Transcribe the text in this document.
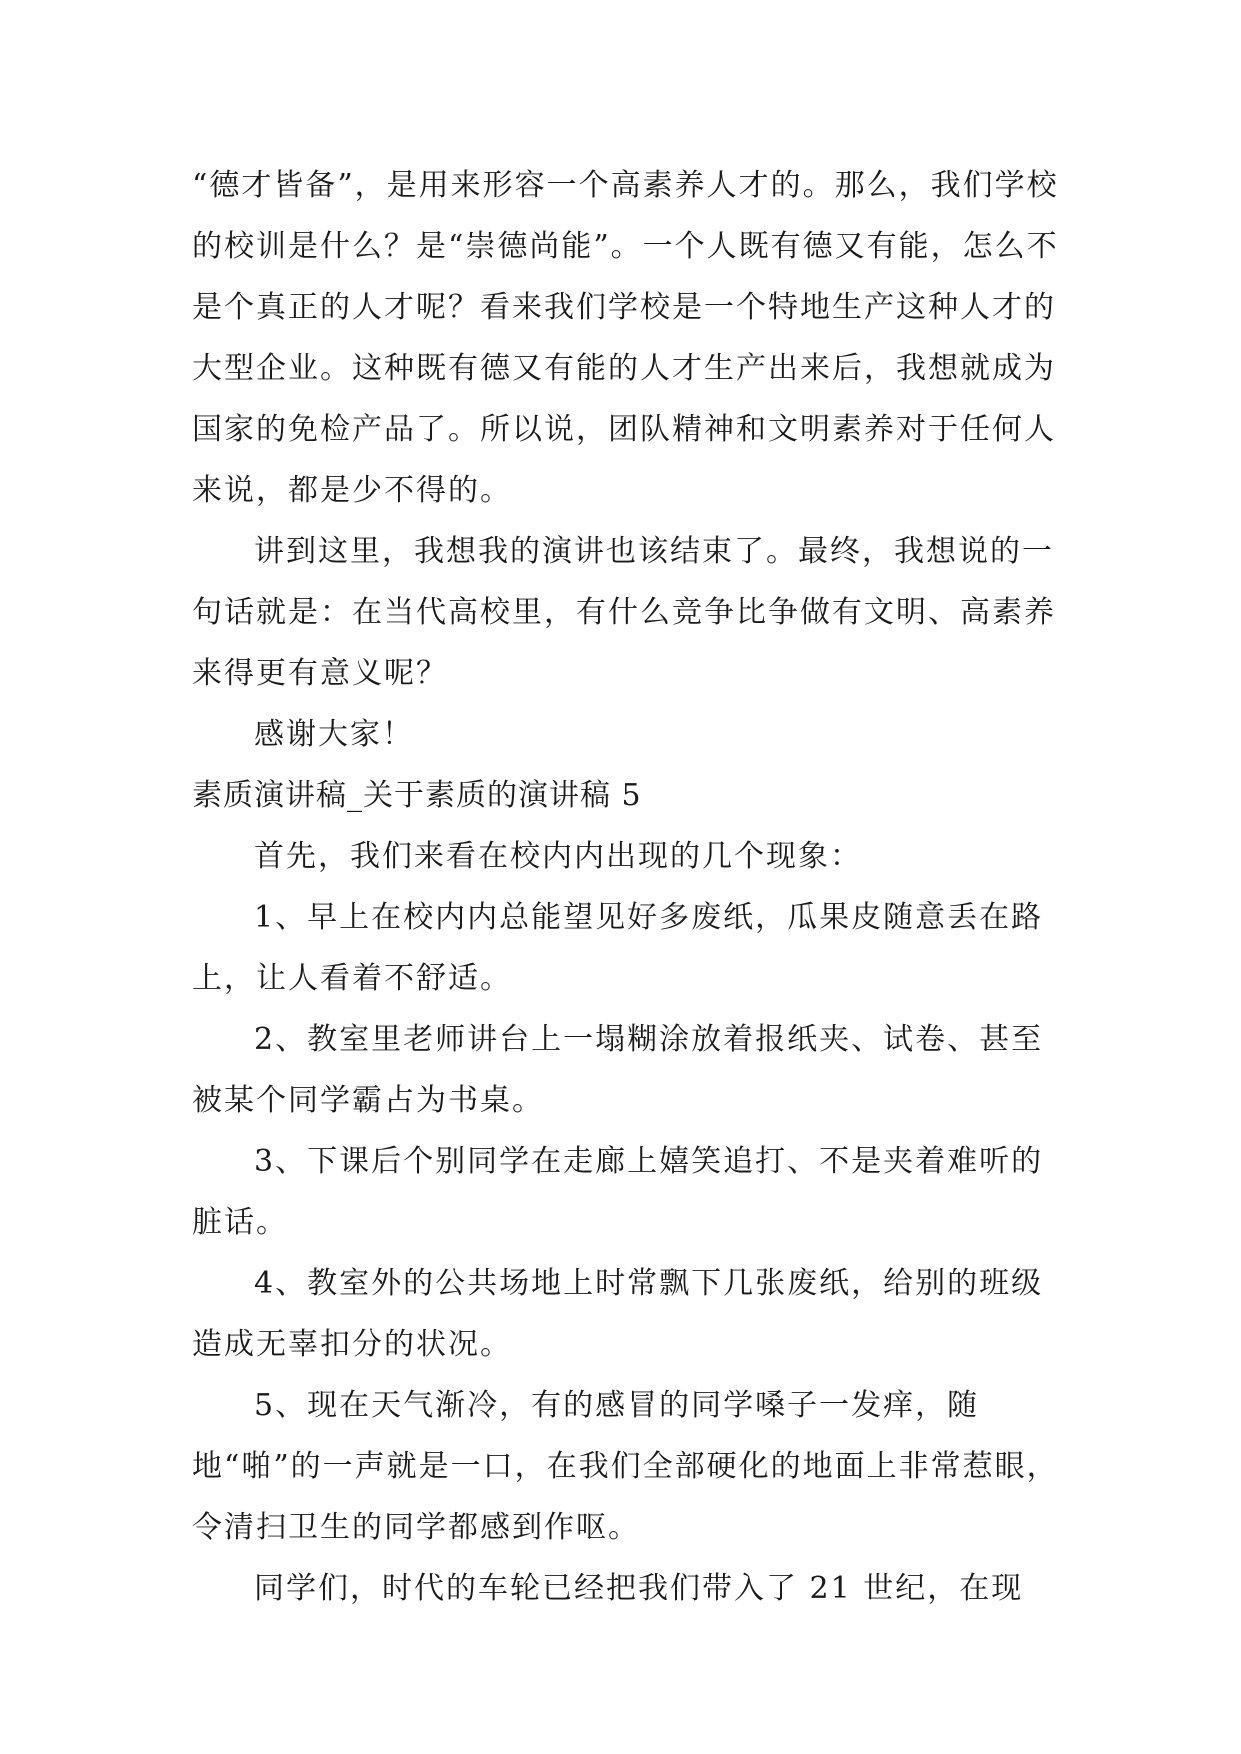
“德才皆备”，是用来形容一个高素养人才的。那么，我们学校的校训是什么？是“崇德尚能”。一个人既有德又有能，怎么不是个真正的人才呢？看来我们学校是一个特地生产这种人才的大型企业。这种既有德又有能的人才生产出来后，我想就成为国家的免检产品了。所以说，团队精神和文明素养对于任何人来说，都是少不得的。

讲到这里，我想我的演讲也该结束了。最终，我想说的一句话就是：在当代高校里，有什么竞争比争做有文明、高素养来得更有意义呢？

感谢大家！

素质演讲稿_关于素质的演讲稿 5

首先，我们来看在校内内出现的几个现象：

1、早上在校内内总能望见好多废纸，瓜果皮随意丢在路上，让人看着不舒适。

2、教室里老师讲台上一塌糊涂放着报纸夹、试卷、甚至被某个同学霸占为书桌。

3、下课后个别同学在走廊上嬉笑追打、不是夹着难听的脏话。

4、教室外的公共场地上时常飘下几张废纸，给别的班级造成无辜扣分的状况。

5、现在天气渐冷，有的感冒的同学嗓子一发痒，随地“啪”的一声就是一口，在我们全部硬化的地面上非常惹眼，令清扫卫生的同学都感到作呕。

同学们，时代的车轮已经把我们带入了 21 世纪，在现
